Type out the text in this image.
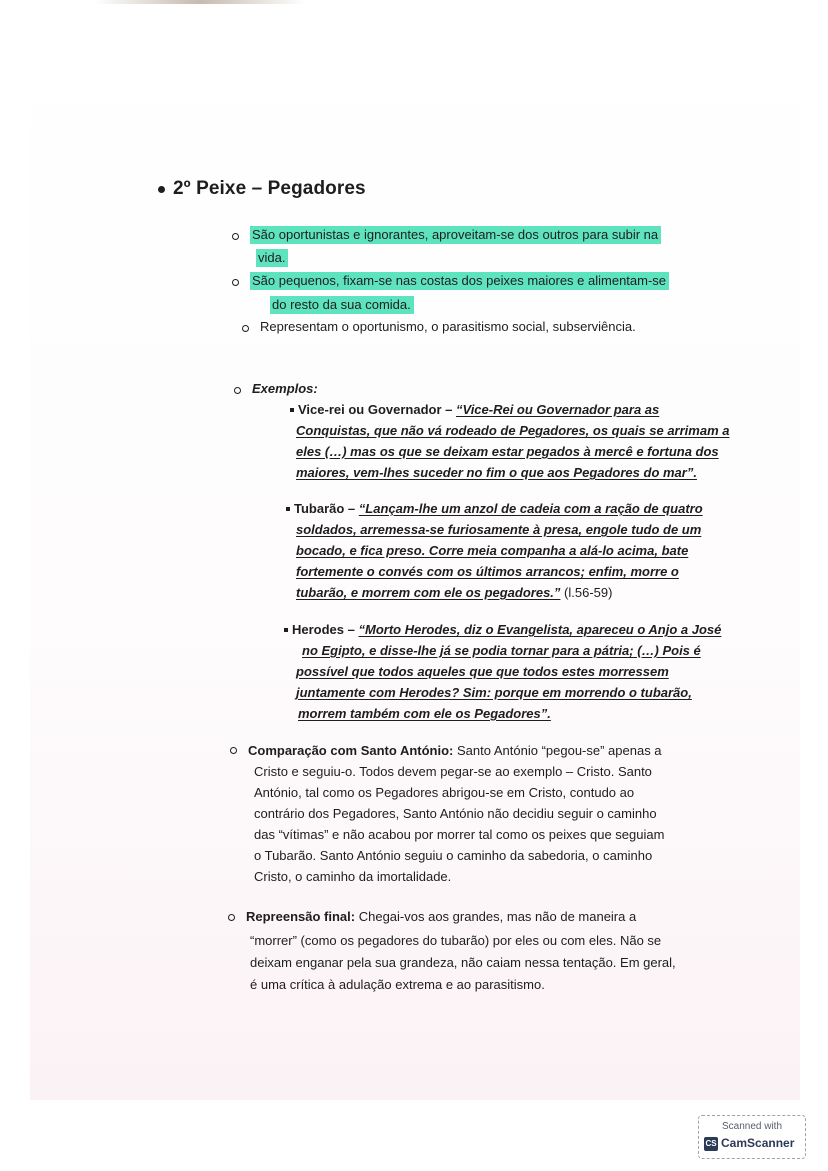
2º Peixe – Pegadores
São oportunistas e ignorantes, aproveitam-se dos outros para subir na
vida.
São pequenos, fixam-se nas costas dos peixes maiores e alimentam-se
do resto da sua comida.
Representam o oportunismo, o parasitismo social, subserviência.
Exemplos:
Vice-rei ou Governador – “Vice-Rei ou Governador para as
Conquistas, que não vá rodeado de Pegadores, os quais se arrimam a
eles (…) mas os que se deixam estar pegados à mercê e fortuna dos
maiores, vem-lhes suceder no fim o que aos Pegadores do mar”.
Tubarão – “Lançam-lhe um anzol de cadeia com a ração de quatro
soldados, arremessa-se furiosamente à presa, engole tudo de um
bocado, e fica preso. Corre meia companha a alá-lo acima, bate
fortemente o convés com os últimos arrancos; enfim, morre o
tubarão, e morrem com ele os pegadores.” (l.56-59)
Herodes – “Morto Herodes, diz o Evangelista, apareceu o Anjo a José
no Egipto, e disse-lhe já se podia tornar para a pátria; (…) Pois é
possível que todos aqueles que que todos estes morressem
juntamente com Herodes? Sim: porque em morrendo o tubarão,
morrem também com ele os Pegadores”.
Comparação com Santo António: Santo António “pegou-se” apenas a
Cristo e seguiu-o. Todos devem pegar-se ao exemplo – Cristo. Santo
António, tal como os Pegadores abrigou-se em Cristo, contudo ao
contrário dos Pegadores, Santo António não decidiu seguir o caminho
das “vítimas” e não acabou por morrer tal como os peixes que seguiam
o Tubarão. Santo António seguiu o caminho da sabedoria, o caminho
Cristo, o caminho da imortalidade.
Repreensão final: Chegai-vos aos grandes, mas não de maneira a
“morrer” (como os pegadores do tubarão) por eles ou com eles. Não se
deixam enganar pela sua grandeza, não caiam nessa tentação. Em geral,
é uma crítica à adulação extrema e ao parasitismo.
Scanned with
CS CamScanner
